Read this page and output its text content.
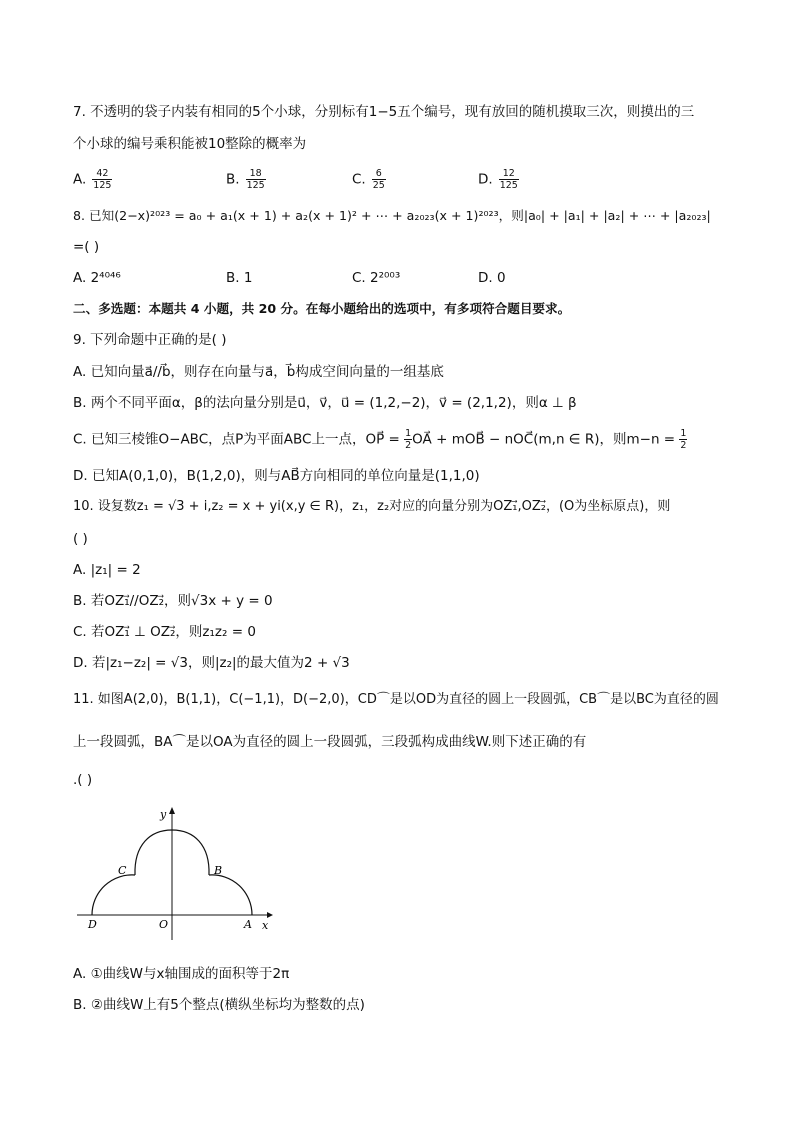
7. 不透明的袋子内装有相同的5个小球，分别标有1−5五个编号，现有放回的随机摸取三次，则摸出的三
个小球的编号乘积能被10整除的概率为
A. $\frac{42}{125}$	B. $\frac{18}{125}$	C. $\frac{6}{25}$	D. $\frac{12}{125}$
8. 已知(2−x)²⁰²³ = a₀ + a₁(x + 1) + a₂(x + 1)² + ⋯ + a₂₀₂₃(x + 1)²⁰²³，则|a₀| + |a₁| + |a₂| + ⋯ + |a₂₀₂₃|
=( )
A. 2⁴⁰⁴⁶	B. 1	C. 2²⁰⁰³	D. 0
二、多选题：本题共 4 小题，共 20 分。在每小题给出的选项中，有多项符合题目要求。
9. 下列命题中正确的是( )
A. 已知向量a⃗//b⃗，则存在向量与a⃗，b⃗构成空间向量的一组基底
B. 两个不同平面α，β的法向量分别是u⃗，v⃗，u⃗ = (1,2,−2)，v⃗ = (2,1,2)，则α ⊥ β
C. 已知三棱锥O−ABC，点P为平面ABC上一点，OP⃗ = $\frac{1}{2}$ OA⃗ + mOB⃗ − nOC⃗(m,n ∈ R)，则$m-n = \frac{1}{2}$
D. 已知A(0,1,0)，B(1,2,0)，则与AB⃗方向相同的单位向量是(1,1,0)
10. 设复数z₁ = √3 + i,z₂ = x + yi(x,y ∈ R)，z₁，z₂对应的向量分别为OZ₁⃗,OZ₂⃗，(O为坐标原点)，则
( )
A. |z₁| = 2
B. 若OZ₁⃗//OZ₂⃗，则√3x + y = 0
C. 若OZ₁⃗ ⊥ OZ₂⃗，则z₁z₂ = 0
D. 若|z₁−z₂| = √3，则|z₂|的最大值为2 + √3
11. 如图A(2,0)，B(1,1)，C(−1,1)，D(−2,0)，CD⌒是以OD为直径的圆上一段圆弧，CB⌒是以BC为直径的圆
上一段圆弧，BA⌒是以OA为直径的圆上一段圆弧，三段弧构成曲线W.则下述正确的有
.( )
y
x
C	B
D	O	A
A. ①曲线W与x轴围成的面积等于2π
B. ②曲线W上有5个整点(横纵坐标均为整数的点)
